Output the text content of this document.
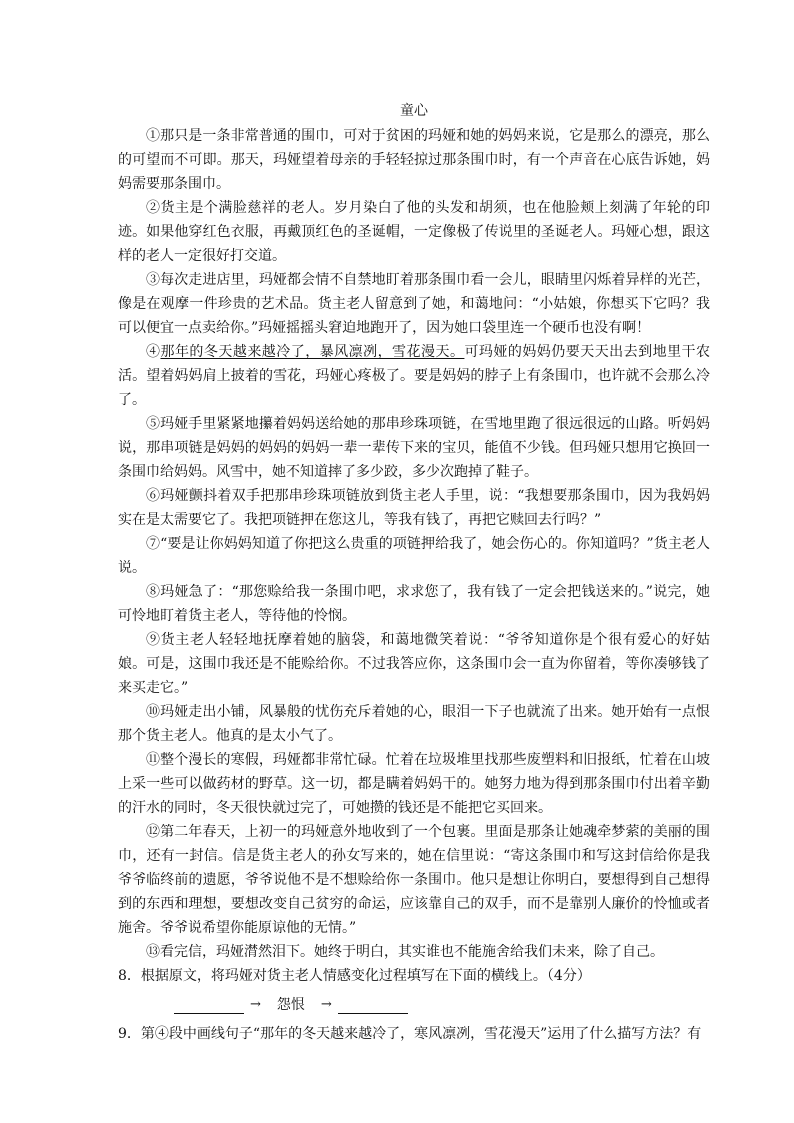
童心

①那只是一条非常普通的围巾，可对于贫困的玛娅和她的妈妈来说，它是那么的漂亮，那么的可望而不可即。那天，玛娅望着母亲的手轻轻掠过那条围巾时，有一个声音在心底告诉她，妈妈需要那条围巾。

②货主是个满脸慈祥的老人。岁月染白了他的头发和胡须，也在他脸颊上刻满了年轮的印迹。如果他穿红色衣服，再戴顶红色的圣诞帽，一定像极了传说里的圣诞老人。玛娅心想，跟这样的老人一定很好打交道。

③每次走进店里，玛娅都会情不自禁地盯着那条围巾看一会儿，眼睛里闪烁着异样的光芒，像是在观摩一件珍贵的艺术品。货主老人留意到了她，和蔼地问：“小姑娘，你想买下它吗？我可以便宜一点卖给你。”玛娅摇摇头窘迫地跑开了，因为她口袋里连一个硬币也没有啊！

④那年的冬天越来越冷了，暴风凛冽，雪花漫天。可玛娅的妈妈仍要天天出去到地里干农活。望着妈妈肩上披着的雪花，玛娅心疼极了。要是妈妈的脖子上有条围巾，也许就不会那么冷了。

⑤玛娅手里紧紧地攥着妈妈送给她的那串珍珠项链，在雪地里跑了很远很远的山路。听妈妈说，那串项链是妈妈的妈妈的妈妈一辈一辈传下来的宝贝，能值不少钱。但玛娅只想用它换回一条围巾给妈妈。风雪中，她不知道摔了多少跤，多少次跑掉了鞋子。

⑥玛娅颤抖着双手把那串珍珠项链放到货主老人手里，说：“我想要那条围巾，因为我妈妈实在是太需要它了。我把项链押在您这儿，等我有钱了，再把它赎回去行吗？”

⑦“要是让你妈妈知道了你把这么贵重的项链押给我了，她会伤心的。你知道吗？”货主老人说。

⑧玛娅急了：“那您赊给我一条围巾吧，求求您了，我有钱了一定会把钱送来的。”说完，她可怜地盯着货主老人，等待他的怜悯。

⑨货主老人轻轻地抚摩着她的脑袋，和蔼地微笑着说：“爷爷知道你是个很有爱心的好姑娘。可是，这围巾我还是不能赊给你。不过我答应你，这条围巾会一直为你留着，等你凑够钱了来买走它。”

⑩玛娅走出小铺，风暴般的忧伤充斥着她的心，眼泪一下子也就流了出来。她开始有一点恨那个货主老人。他真的是太小气了。

⑪整个漫长的寒假，玛娅都非常忙碌。忙着在垃圾堆里找那些废塑料和旧报纸，忙着在山坡上采一些可以做药材的野草。这一切，都是瞒着妈妈干的。她努力地为得到那条围巾付出着辛勤的汗水的同时，冬天很快就过完了，可她攒的钱还是不能把它买回来。

⑫第二年春天，上初一的玛娅意外地收到了一个包裹。里面是那条让她魂牵梦萦的美丽的围巾，还有一封信。信是货主老人的孙女写来的，她在信里说：“寄这条围巾和写这封信给你是我爷爷临终前的遗愿，爷爷说他不是不想赊给你一条围巾。他只是想让你明白，要想得到自己想得到的东西和理想，要想改变自己贫穷的命运，应该靠自己的双手，而不是靠别人廉价的怜恤或者施舍。爷爷说希望你能原谅他的无情。”

⑬看完信，玛娅潸然泪下。她终于明白，其实谁也不能施舍给我们未来，除了自己。

8．根据原文，将玛娅对货主老人情感变化过程填写在下面的横线上。（4分）

→ 怨恨 →

9．第④段中画线句子“那年的冬天越来越冷了，寒风凛冽，雪花漫天”运用了什么描写方法？有
